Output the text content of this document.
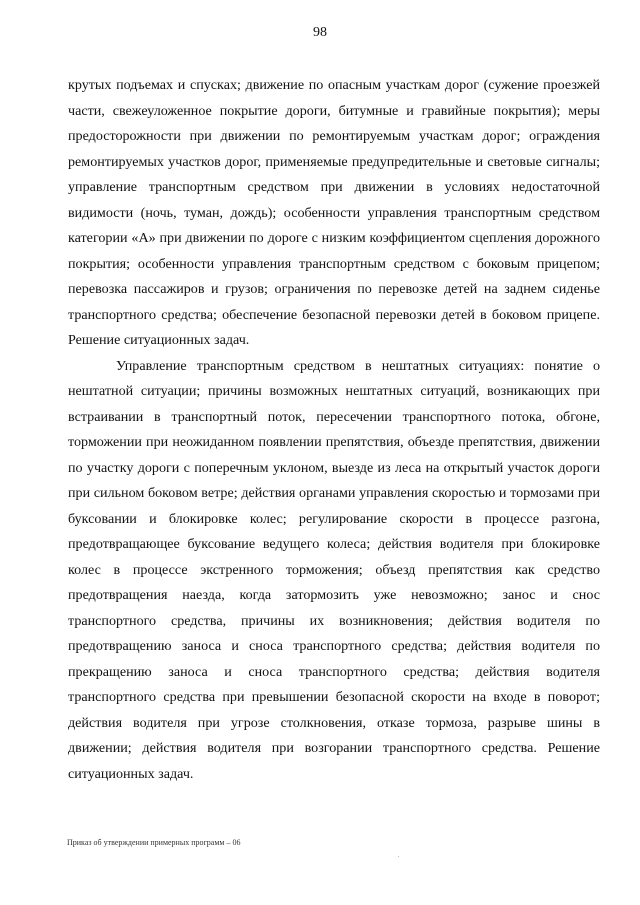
98

крутых подъемах и спусках; движение по опасным участкам дорог (сужение проезжей части, свежеуложенное покрытие дороги, битумные и гравийные покрытия); меры предосторожности при движении по ремонтируемым участкам дорог; ограждения ремонтируемых участков дорог, применяемые предупредительные и световые сигналы; управление транспортным средством при движении в условиях недостаточной видимости (ночь, туман, дождь); особенности управления транспортным средством категории «А» при движении по дороге с низким коэффициентом сцепления дорожного покрытия; особенности управления транспортным средством с боковым прицепом; перевозка пассажиров и грузов; ограничения по перевозке детей на заднем сиденье транспортного средства; обеспечение безопасной перевозки детей в боковом прицепе. Решение ситуационных задач.

Управление транспортным средством в нештатных ситуациях: понятие о нештатной ситуации; причины возможных нештатных ситуаций, возникающих при встраивании в транспортный поток, пересечении транспортного потока, обгоне, торможении при неожиданном появлении препятствия, объезде препятствия, движении по участку дороги с поперечным уклоном, выезде из леса на открытый участок дороги при сильном боковом ветре; действия органами управления скоростью и тормозами при буксовании и блокировке колес; регулирование скорости в процессе разгона, предотвращающее буксование ведущего колеса; действия водителя при блокировке колес в процессе экстренного торможения; объезд препятствия как средство предотвращения наезда, когда затормозить уже невозможно; занос и снос транспортного средства, причины их возникновения; действия водителя по предотвращению заноса и сноса транспортного средства; действия водителя по прекращению заноса и сноса транспортного средства; действия водителя транспортного средства при превышении безопасной скорости на входе в поворот; действия водителя при угрозе столкновения, отказе тормоза, разрыве шины в движении; действия водителя при возгорании транспортного средства. Решение ситуационных задач.

Приказ об утверждении примерных программ – 06
